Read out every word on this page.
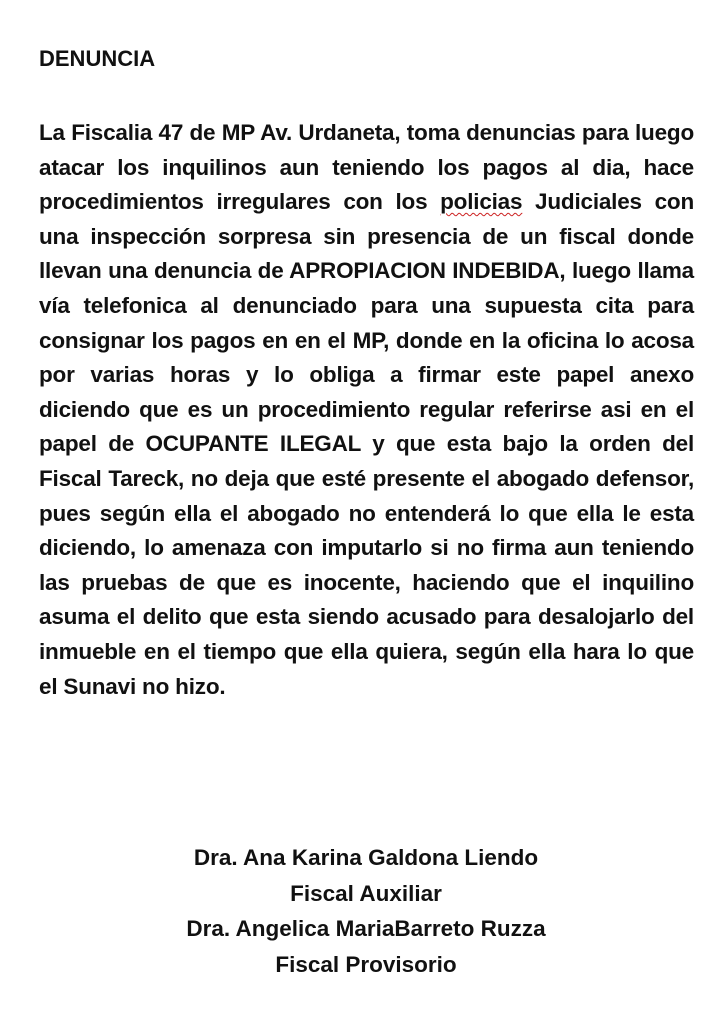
DENUNCIA

La Fiscalia 47 de MP Av. Urdaneta, toma denuncias para luego atacar los inquilinos aun teniendo los pagos al dia, hace procedimientos irregulares con los policias Judiciales con una inspección sorpresa sin presencia de un fiscal donde llevan una denuncia de APROPIACION INDEBIDA, luego llama vía telefonica al denunciado para una supuesta cita para consignar los pagos en en el MP, donde en la oficina lo acosa por varias horas y lo obliga a firmar este papel anexo diciendo que es un procedimiento regular referirse asi en el papel de OCUPANTE ILEGAL y que esta bajo la orden del Fiscal Tareck, no deja que esté presente el abogado defensor, pues según ella el abogado no entenderá lo que ella le esta diciendo, lo amenaza con imputarlo si no firma aun teniendo las pruebas de que es inocente, haciendo que el inquilino asuma el delito que esta siendo acusado para desalojarlo del inmueble en el tiempo que ella quiera, según ella hara lo que el Sunavi no hizo.

Dra. Ana Karina Galdona Liendo

Fiscal Auxiliar

Dra. Angelica MariaBarreto Ruzza

Fiscal Provisorio
